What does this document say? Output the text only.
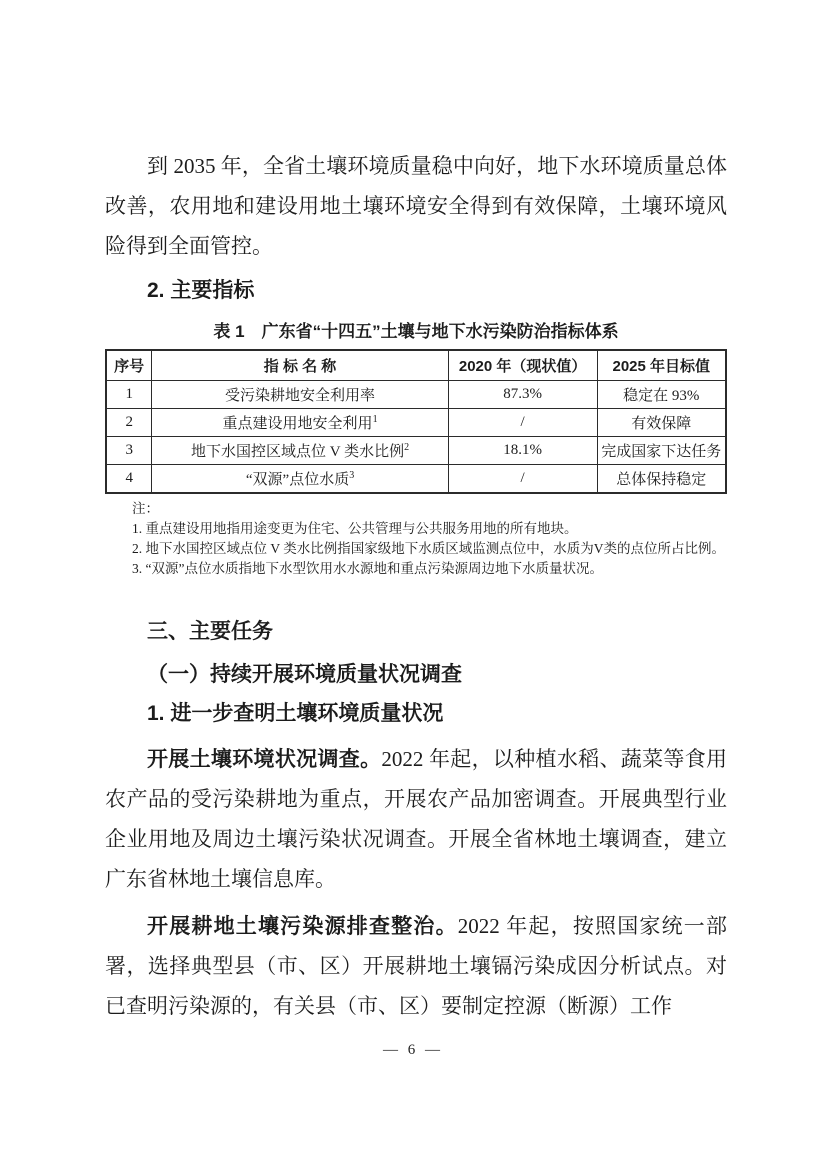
到 2035 年，全省土壤环境质量稳中向好，地下水环境质量总体改善，农用地和建设用地土壤环境安全得到有效保障，土壤环境风险得到全面管控。

2. 主要指标
表 1　广东省“十四五”土壤与地下水污染防治指标体系
序号	指 标 名 称	2020 年（现状值）	2025 年目标值
1	受污染耕地安全利用率	87.3%	稳定在 93%
2	重点建设用地安全利用$^1$	/	有效保障
3	地下水国控区域点位 V 类水比例$^2$	18.1%	完成国家下达任务
4	“双源”点位水质$^3$	/	总体保持稳定

注：

1. 重点建设用地指用途变更为住宅、公共管理与公共服务用地的所有地块。

2. 地下水国控区域点位 V 类水比例指国家级地下水质区域监测点位中，水质为V类的点位所占比例。

3. “双源”点位水质指地下水型饮用水水源地和重点污染源周边地下水质量状况。

三、主要任务
（一）持续开展环境质量状况调查
1. 进一步查明土壤环境质量状况

开展土壤环境状况调查。2022 年起，以种植水稻、蔬菜等食用农产品的受污染耕地为重点，开展农产品加密调查。开展典型行业企业用地及周边土壤污染状况调查。开展全省林地土壤调查，建立广东省林地土壤信息库。

开展耕地土壤污染源排查整治。2022 年起，按照国家统一部署，选择典型县（市、区）开展耕地土壤镉污染成因分析试点。对已查明污染源的，有关县（市、区）要制定控源（断源）工作

— 6 —
